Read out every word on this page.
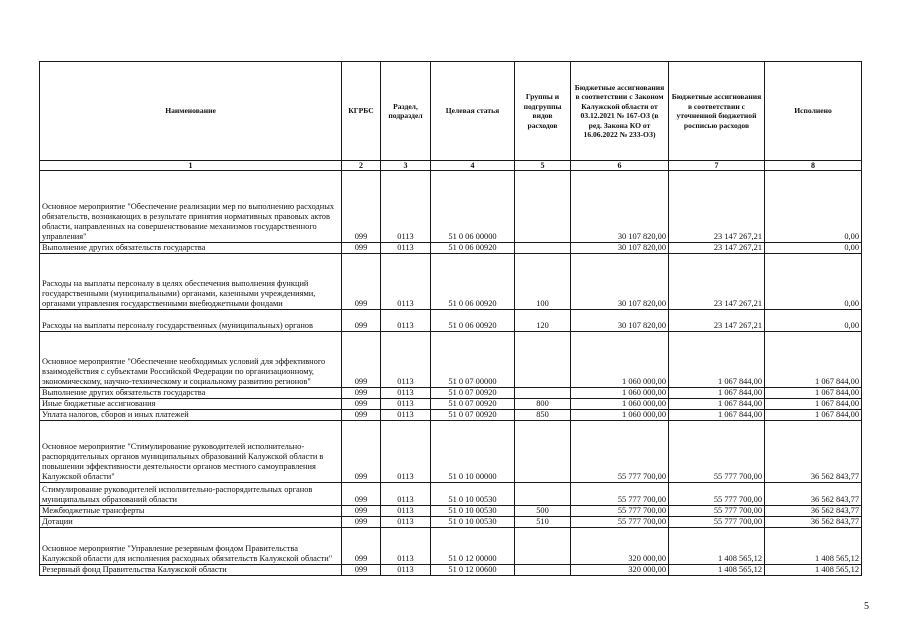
Наименование	КГРБС	Раздел, подраздел	Целевая статья	Группы и подгруппы видов расходов	Бюджетные ассигнования в соответствии с Законом Калужской области от 03.12.2021 № 167-ОЗ (в ред. Закона КО от 16.06.2022 № 233-ОЗ)	Бюджетные ассигнования в соответствии с уточненной бюджетной росписью расходов	Исполнено
1	2	3	4	5	6	7	8
Основное мероприятие "Обеспечение реализации мер по выполнению расходных обязательств, возникающих в результате принятия нормативных правовых актов области, направленных на совершенствование механизмов государственного управления"	099	0113	51 0 06 00000		30 107 820,00	23 147 267,21	0,00
Выполнение других обязательств государства	099	0113	51 0 06 00920		30 107 820,00	23 147 267,21	0,00
Расходы на выплаты персоналу в целях обеспечения выполнения функций государственными (муниципальными) органами, казенными учреждениями, органами управления государственными внебюджетными фондами	099	0113	51 0 06 00920	100	30 107 820,00	23 147 267,21	0,00
Расходы на выплаты персоналу государственных (муниципальных) органов	099	0113	51 0 06 00920	120	30 107 820,00	23 147 267,21	0,00
Основное мероприятие "Обеспечение необходимых условий для эффективного взаимодействия с субъектами Российской Федерации по организационному, экономическому, научно-техническому и социальному развитию регионов"	099	0113	51 0 07 00000		1 060 000,00	1 067 844,00	1 067 844,00
Выполнение других обязательств государства	099	0113	51 0 07 00920		1 060 000,00	1 067 844,00	1 067 844,00
Иные бюджетные ассигнования	099	0113	51 0 07 00920	800	1 060 000,00	1 067 844,00	1 067 844,00
Уплата налогов, сборов и иных платежей	099	0113	51 0 07 00920	850	1 060 000,00	1 067 844,00	1 067 844,00
Основное мероприятие "Стимулирование руководителей исполнительно-распорядительных органов муниципальных образований Калужской области в повышении эффективности деятельности органов местного самоуправления Калужской области"	099	0113	51 0 10 00000		55 777 700,00	55 777 700,00	36 562 843,77
Стимулирование руководителей исполнительно-распорядительных органов муниципальных образований области	099	0113	51 0 10 00530		55 777 700,00	55 777 700,00	36 562 843,77
Межбюджетные трансферты	099	0113	51 0 10 00530	500	55 777 700,00	55 777 700,00	36 562 843,77
Дотации	099	0113	51 0 10 00530	510	55 777 700,00	55 777 700,00	36 562 843,77
Основное мероприятие "Управление резервным фондом Правительства Калужской области для исполнения расходных обязательств Калужской области"	099	0113	51 0 12 00000		320 000,00	1 408 565,12	1 408 565,12
Резервный фонд Правительства Калужской области	099	0113	51 0 12 00600		320 000,00	1 408 565,12	1 408 565,12
5
